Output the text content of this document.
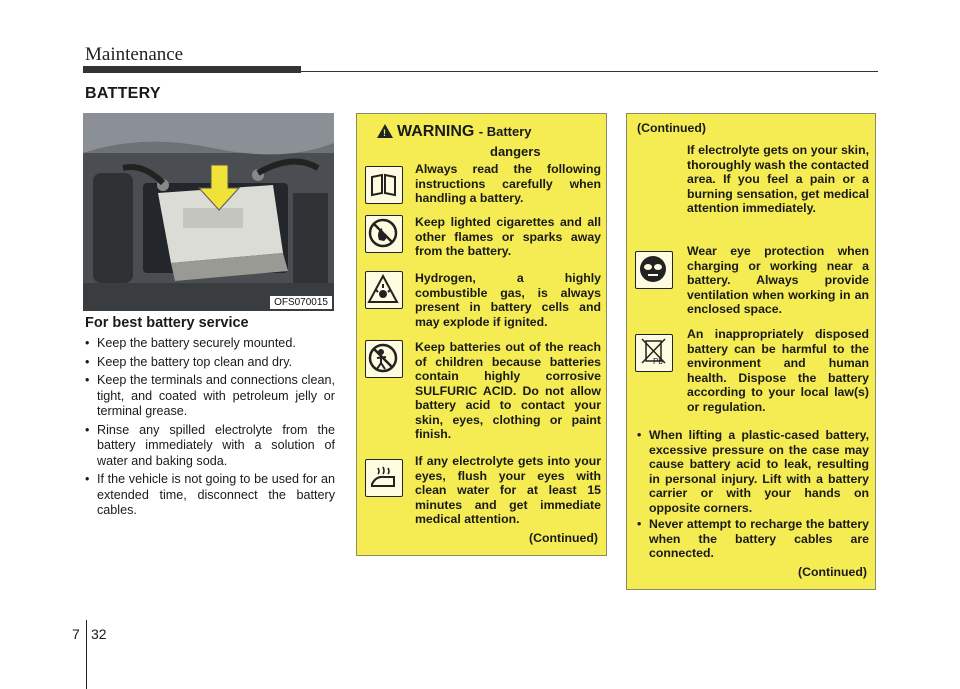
Maintenance
BATTERY
OFS070015
For best battery service
• Keep the battery securely mounted.
• Keep the battery top clean and dry.
• Keep the terminals and connections clean, tight, and coated with petroleum jelly or terminal grease.
• Rinse any spilled electrolyte from the battery immediately with a solution of water and baking soda.
• If the vehicle is not going to be used for an extended time, disconnect the battery cables.
! WARNING - Battery
dangers
Always read the following instructions carefully when handling a battery.
Keep lighted cigarettes and all other flames or sparks away from the battery.
Hydrogen, a highly combustible gas, is always present in battery cells and may explode if ignited.
Keep batteries out of the reach of children because batteries contain highly corrosive SULFURIC ACID. Do not allow battery acid to contact your skin, eyes, clothing or paint finish.
If any electrolyte gets into your eyes, flush your eyes with clean water for at least 15 minutes and get immediate medical attention.
(Continued)
(Continued)
If electrolyte gets on your skin, thoroughly wash the contacted area. If you feel a pain or a burning sensation, get medical attention immediately.
Wear eye protection when charging or working near a battery. Always provide ventilation when working in an enclosed space.
Pb
An inappropriately disposed battery can be harmful to the environment and human health. Dispose the battery according to your local law(s) or regulation.
• When lifting a plastic-cased battery, excessive pressure on the case may cause battery acid to leak, resulting in personal injury. Lift with a battery carrier or with your hands on opposite corners.
• Never attempt to recharge the battery when the battery cables are connected.
(Continued)
7 32
